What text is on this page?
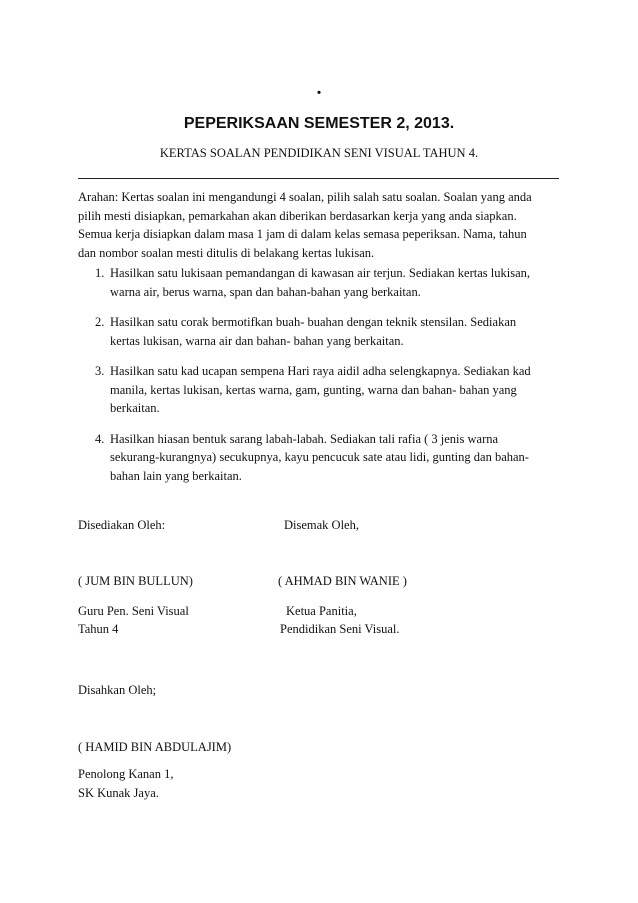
.
PEPERIKSAAN SEMESTER 2, 2013.
KERTAS SOALAN PENDIDIKAN SENI VISUAL TAHUN 4.
Arahan: Kertas soalan ini mengandungi 4 soalan, pilih salah satu soalan. Soalan yang anda
pilih mesti disiapkan, pemarkahan akan diberikan berdasarkan kerja yang anda siapkan.
Semua kerja disiapkan dalam masa 1 jam di dalam kelas semasa peperiksan. Nama, tahun
dan nombor soalan mesti ditulis di belakang kertas lukisan.
1. Hasilkan satu lukisaan pemandangan di kawasan air terjun. Sediakan kertas lukisan,
warna air, berus warna, span dan bahan-bahan yang berkaitan.
2. Hasilkan satu corak bermotifkan buah- buahan dengan teknik stensilan. Sediakan
kertas lukisan, warna air dan bahan- bahan yang berkaitan.
3. Hasilkan satu kad ucapan sempena Hari raya aidil adha selengkapnya. Sediakan kad
manila, kertas lukisan, kertas warna, gam, gunting, warna dan bahan- bahan yang
berkaitan.
4. Hasilkan hiasan bentuk sarang labah-labah. Sediakan tali rafia ( 3 jenis warna
sekurang-kurangnya) secukupnya, kayu pencucuk sate atau lidi, gunting dan bahan-
bahan lain yang berkaitan.
Disediakan Oleh:	Disemak Oleh,
( JUM BIN BULLUN)	( AHMAD BIN WANIE )
Guru Pen. Seni Visual
Tahun 4
Ketua Panitia,
Pendidikan Seni Visual.
Disahkan Oleh;
( HAMID BIN ABDULAJIM)
Penolong Kanan 1,
SK Kunak Jaya.
